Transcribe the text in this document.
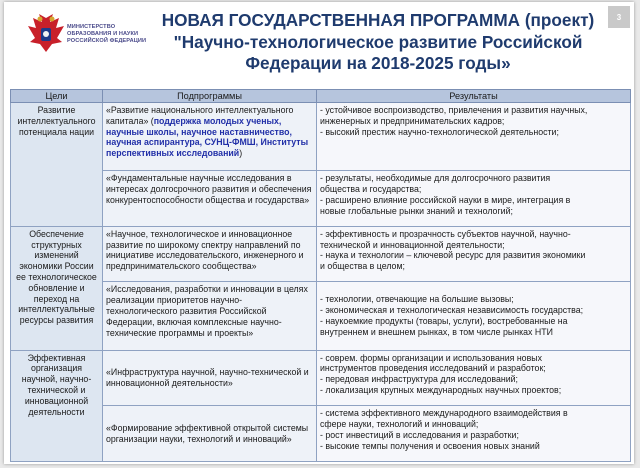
МИНИСТЕРСТВО
ОБРАЗОВАНИЯ И НАУКИ
РОССИЙСКОЙ ФЕДЕРАЦИИ
НОВАЯ ГОСУДАРСТВЕННАЯ ПРОГРАММА (проект)
"Научно-технологическое развитие Российской
Федерации на 2018-2025 годы»
3
Цели	Подпрограммы	Результаты
Развитие интеллектуального потенциала нации	«Развитие национального интеллектуального капитала» (поддержка молодых ученых, научные школы, научное наставничество, научная аспирантура, СУНЦ-ФМШ, Институты перспективных исследований)	- устойчивое воспроизводство, привлечения и развития научных,
инженерных и предпринимательских кадров;
- высокий престиж научно-технологической деятельности;

	«Фундаментальные научные исследования в интересах долгосрочного развития и обеспечения конкурентоспособности общества и государства»	- результаты, необходимые для долгосрочного развития
общества и государства;
- расширено влияние российской науки в мире, интеграция в
новые глобальные рынки знаний и технологий;

Обеспечение структурных изменений экономики России ее технологическое обновление и переход на интеллектуальные ресурсы развития	«Научное, технологическое и инновационное развитие по широкому спектру направлений по инициативе исследовательского, инженерного и предпринимательского сообщества»	- эффективность и прозрачность субъектов научной, научно-
технической и инновационной деятельности;
- наука и технологии – ключевой ресурс для развития экономики
и общества в целом;

	«Исследования, разработки и инновации в целях реализации приоритетов научно-технологического развития Российской Федерации, включая комплексные научно-технические программы и проекты»	- технологии, отвечающие на большие вызовы;
- экономическая и технологическая независимость государства;
- наукоемкие продукты (товары, услуги), востребованные на
внутреннем и внешнем рынках, в том числе рынках НТИ

Эффективная организация научной, научно-технической и инновационной деятельности	«Инфраструктура научной, научно-технической и инновационной деятельности»	- соврем. формы организации и использования новых
инструментов проведения исследований и разработок;
- передовая инфраструктура для исследований;
- локализация крупных международных научных проектов;

	«Формирование эффективной открытой системы организации науки, технологий и инноваций»	- система эффективного международного взаимодействия в
сфере науки, технологий и инноваций;
- рост инвестиций в исследования и разработки;
- высокие темпы получения и освоения новых знаний
